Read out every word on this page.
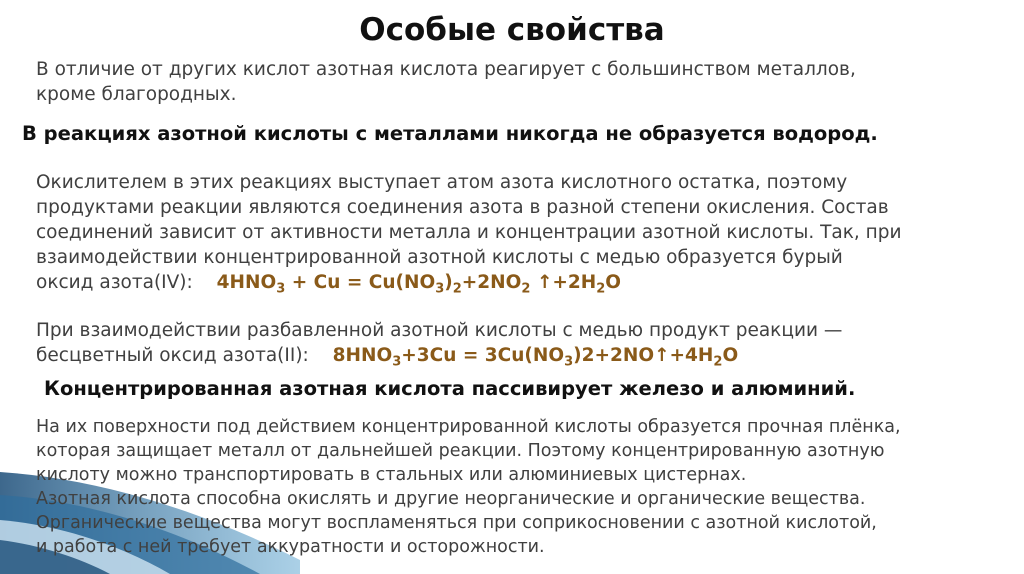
Особые свойства

В отличие от других кислот азотная кислота реагирует с большинством металлов,

кроме благородных.

В реакциях азотной кислоты с металлами никогда не образуется водород.

Окислителем в этих реакциях выступает атом азота кислотного остатка, поэтому

продуктами реакции являются соединения азота в разной степени окисления. Состав

соединений зависит от активности металла и концентрации азотной кислоты. Так, при

взаимодействии концентрированной азотной кислоты с медью образуется бурый

оксид азота(IV): $4HNO_3 + Cu = Cu(NO_3)_2+2NO_2$ $↑+2H_2O$

При взаимодействии разбавленной азотной кислоты с медью продукт реакции —

бесцветный оксид азота(II): $8HNO_3+3Cu$ = $3Cu(NO_3)2+2NO↑+4H_2O$

Концентрированная азотная кислота пассивирует железо и алюминий.

На их поверхности под действием концентрированной кислоты образуется прочная плёнка,

которая защищает металл от дальнейшей реакции. Поэтому концентрированную азотную

кислоту можно транспортировать в стальных или алюминиевых цистернах.

Азотная кислота способна окислять и другие неорганические и органические вещества.

Органические вещества могут воспламеняться при соприкосновении с азотной кислотой,

и работа с ней требует аккуратности и осторожности.
